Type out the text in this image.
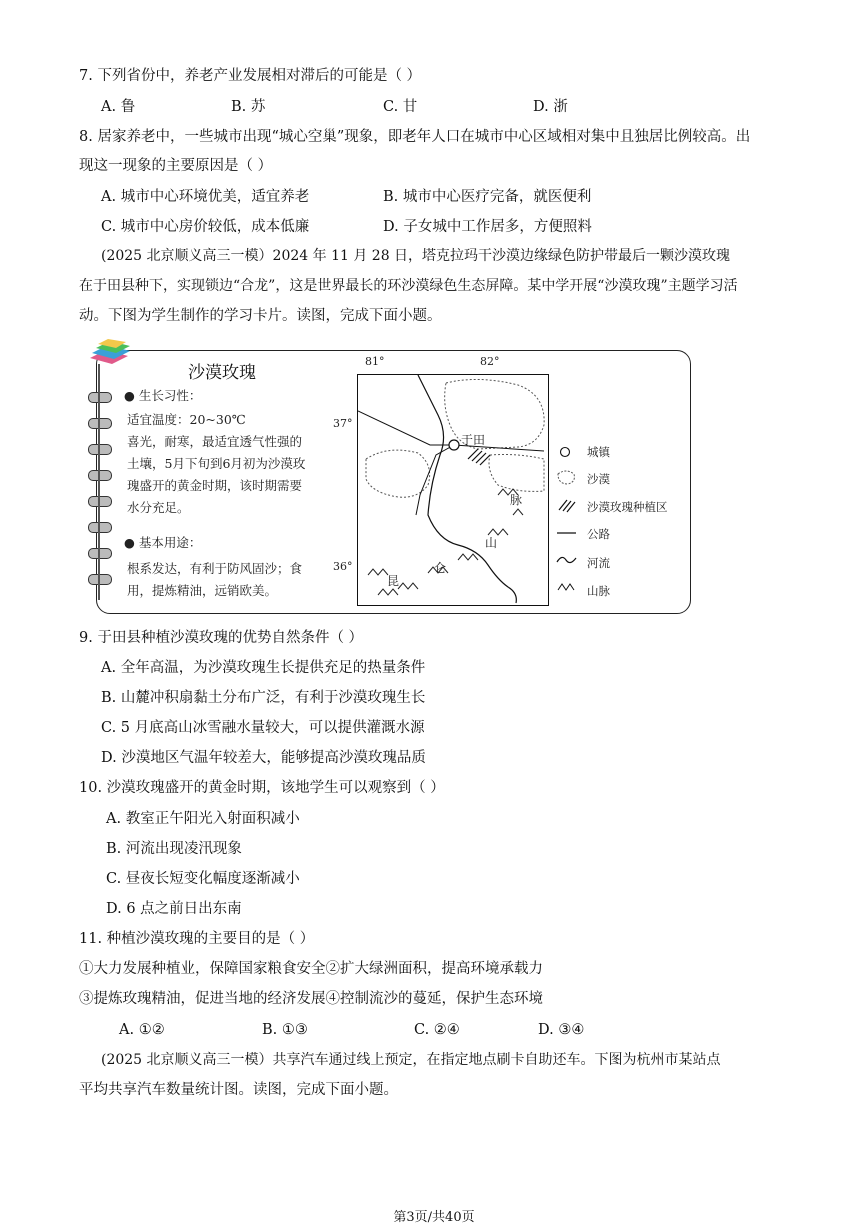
7. 下列省份中，养老产业发展相对滞后的可能是（ ）
A. 鲁	B. 苏	C. 甘	D. 浙
8. 居家养老中，一些城市出现“城心空巢”现象，即老年人口在城市中心区域相对集中且独居比例较高。出
现这一现象的主要原因是（ ）
A. 城市中心环境优美，适宜养老	B. 城市中心医疗完备，就医便利
C. 城市中心房价较低，成本低廉	D. 子女城中工作居多，方便照料
(2025 北京顺义高三一模）2024 年 11 月 28 日，塔克拉玛干沙漠边缘绿色防护带最后一颗沙漠玫瑰
在于田县种下，实现锁边“合龙”，这是世界最长的环沙漠绿色生态屏障。某中学开展“沙漠玫瑰”主题学习活
动。下图为学生制作的学习卡片。读图，完成下面小题。
沙漠玫瑰
● 生长习性：
适宜温度：20~30℃
喜光，耐寒，最适宜透气性强的
土壤，5月下旬到6月初为沙漠玫
瑰盛开的黄金时期，该时期需要
水分充足。
● 基本用途：
根系发达，有利于防风固沙；食
用，提炼精油，远销欧美。
81°	82°
37°
36°
于田
脉
山
仑
昆
城镇
沙漠
沙漠玫瑰种植区
公路
河流
山脉
9. 于田县种植沙漠玫瑰的优势自然条件（ ）
A. 全年高温，为沙漠玫瑰生长提供充足的热量条件
B. 山麓冲积扇黏土分布广泛，有利于沙漠玫瑰生长
C. 5 月底高山冰雪融水量较大，可以提供灌溉水源
D. 沙漠地区气温年较差大，能够提高沙漠玫瑰品质
10. 沙漠玫瑰盛开的黄金时期，该地学生可以观察到（ ）
A. 教室正午阳光入射面积减小
B. 河流出现凌汛现象
C. 昼夜长短变化幅度逐渐减小
D. 6 点之前日出东南
11. 种植沙漠玫瑰的主要目的是（ ）
①大力发展种植业，保障国家粮食安全②扩大绿洲面积，提高环境承载力
③提炼玫瑰精油，促进当地的经济发展④控制流沙的蔓延，保护生态环境
A. ①②	B. ①③	C. ②④	D. ③④
(2025 北京顺义高三一模）共享汽车通过线上预定，在指定地点刷卡自助还车。下图为杭州市某站点
平均共享汽车数量统计图。读图，完成下面小题。
第3页/共40页
